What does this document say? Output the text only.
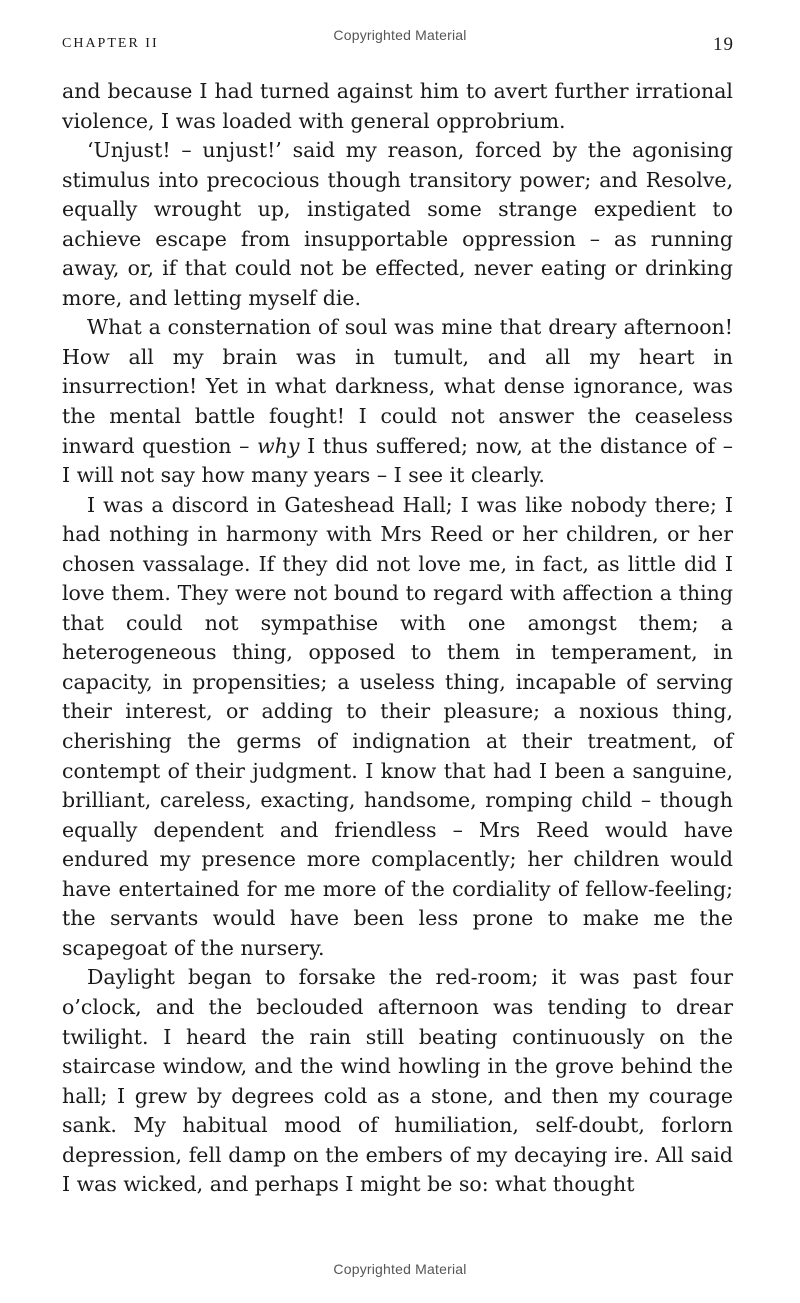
Copyrighted Material
CHAPTER II	19

and because I had turned against him to avert further irrational violence, I was loaded with general opprobrium.

‘Unjust! – unjust!’ said my reason, forced by the agonising stimulus into precocious though transitory power; and Resolve, equally wrought up, instigated some strange expedient to achieve escape from insupportable oppression – as running away, or, if that could not be effected, never eating or drinking more, and letting myself die.

What a consternation of soul was mine that dreary afternoon! How all my brain was in tumult, and all my heart in insurrection! Yet in what darkness, what dense ignorance, was the mental battle fought! I could not answer the ceaseless inward question – why I thus suffered; now, at the distance of – I will not say how many years – I see it clearly.

I was a discord in Gateshead Hall; I was like nobody there; I had nothing in harmony with Mrs Reed or her children, or her chosen vassalage. If they did not love me, in fact, as little did I love them. They were not bound to regard with affection a thing that could not sympathise with one amongst them; a heterogeneous thing, opposed to them in temperament, in capacity, in propensities; a useless thing, incapable of serving their interest, or adding to their pleasure; a noxious thing, cherishing the germs of indignation at their treatment, of contempt of their judgment. I know that had I been a sanguine, brilliant, careless, exacting, handsome, romping child – though equally dependent and friendless – Mrs Reed would have endured my presence more complacently; her children would have entertained for me more of the cordiality of fellow-feeling; the servants would have been less prone to make me the scapegoat of the nursery.

Daylight began to forsake the red-room; it was past four o’clock, and the beclouded afternoon was tending to drear twilight. I heard the rain still beating continuously on the staircase window, and the wind howling in the grove behind the hall; I grew by degrees cold as a stone, and then my courage sank. My habitual mood of humiliation, self-doubt, forlorn depression, fell damp on the embers of my decaying ire. All said I was wicked, and perhaps I might be so: what thought

Copyrighted Material
